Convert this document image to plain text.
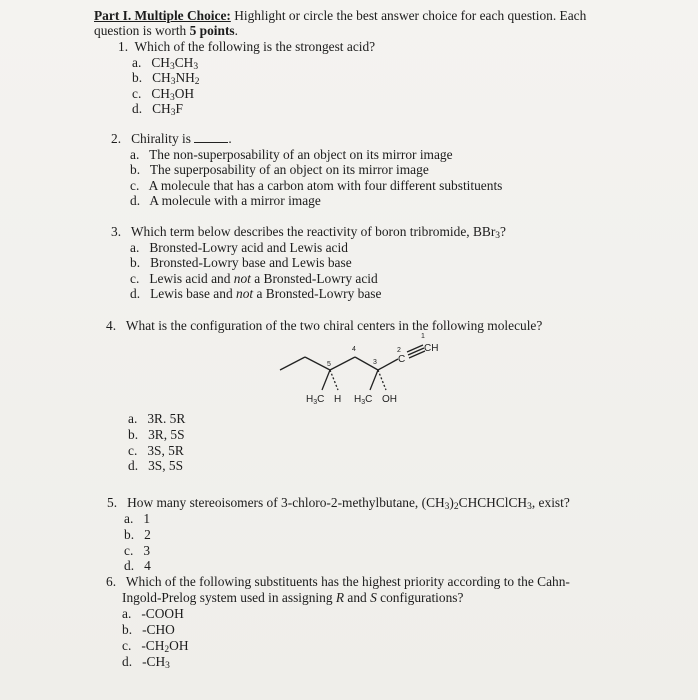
Part I. Multiple Choice: Highlight or circle the best answer choice for each question. Each
question is worth 5 points.
1. Which of the following is the strongest acid?
a. $CH_3CH_3$
b. $CH_3NH_2$
c. $CH_3OH$
d. $CH_3F$
2. Chirality is	.
a. The non-superposability of an object on its mirror image
b. The superposability of an object on its mirror image
c. A molecule that has a carbon atom with four different substituents
d. A molecule with a mirror image
3. Which term below describes the reactivity of boron tribromide, BBr$_3$?
a. Bronsted-Lowry acid and Lewis acid
b. Bronsted-Lowry base and Lewis base
c. Lewis acid and not a Bronsted-Lowry acid
d. Lewis base and not a Bronsted-Lowry base
4. What is the configuration of the two chiral centers in the following molecule?
1
2
3
4
5
CH
C
$H_3C$ H $H_3C$ OH
a. 3R. 5R
b. 3R, 5S
c. 3S, 5R
d. 3S, 5S
5. How many stereoisomers of 3-chloro-2-methylbutane, $(CH_3)_2CHCHClCH_3$, exist?
a. 1
b. 2
c. 3
d. 4
6. Which of the following substituents has the highest priority according to the Cahn-
Ingold-Prelog system used in assigning R and S configurations?
a. -COOH
b. -CHO
c. $-CH_2OH$
d. $-CH_3$
